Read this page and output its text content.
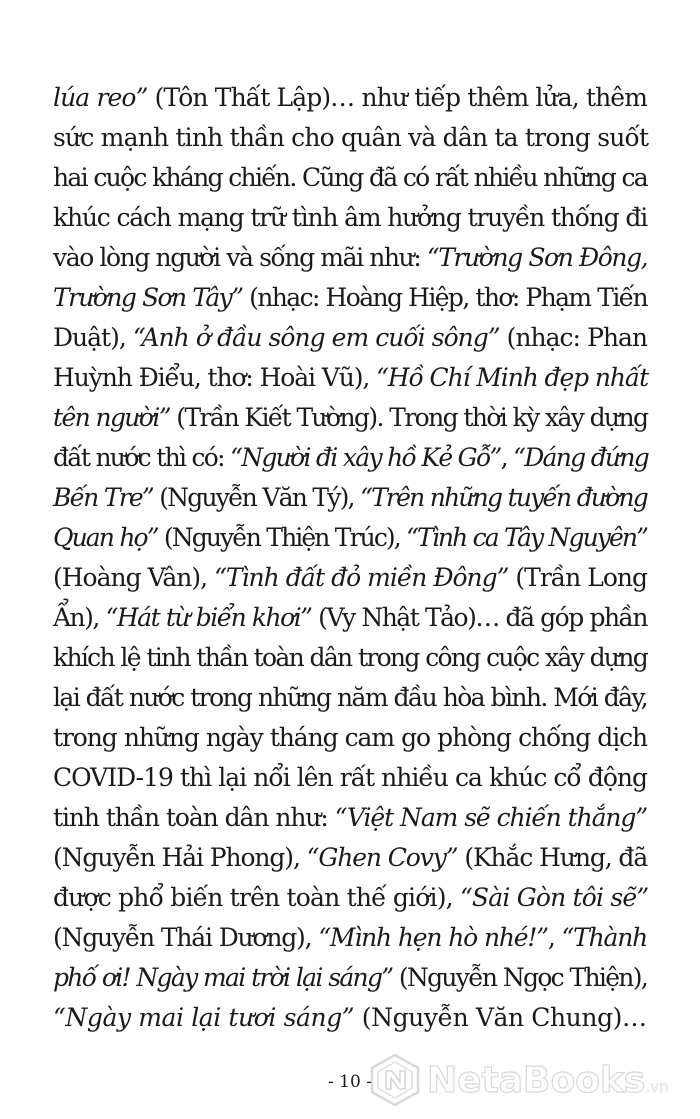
lúa reo” (Tôn Thất Lập)… như tiếp thêm lửa, thêm
sức mạnh tinh thần cho quân và dân ta trong suốt
hai cuộc kháng chiến. Cũng đã có rất nhiều những ca
khúc cách mạng trữ tình âm hưởng truyền thống đi
vào lòng người và sống mãi như: “Trường Sơn Đông,
Trường Sơn Tây” (nhạc: Hoàng Hiệp, thơ: Phạm Tiến
Duật), “Anh ở đầu sông em cuối sông” (nhạc: Phan
Huỳnh Điểu, thơ: Hoài Vũ), “Hồ Chí Minh đẹp nhất
tên người” (Trần Kiết Tường). Trong thời kỳ xây dựng
đất nước thì có: “Người đi xây hồ Kẻ Gỗ”, “Dáng đứng
Bến Tre” (Nguyễn Văn Tý), “Trên những tuyến đường
Quan họ” (Nguyễn Thiện Trúc), “Tình ca Tây Nguyên”
(Hoàng Vân), “Tình đất đỏ miền Đông” (Trần Long
Ẩn), “Hát từ biển khơi” (Vy Nhật Tảo)… đã góp phần
khích lệ tinh thần toàn dân trong công cuộc xây dựng
lại đất nước trong những năm đầu hòa bình. Mới đây,
trong những ngày tháng cam go phòng chống dịch
COVID-19 thì lại nổi lên rất nhiều ca khúc cổ động
tinh thần toàn dân như: “Việt Nam sẽ chiến thắng”
(Nguyễn Hải Phong), “Ghen Covy” (Khắc Hưng, đã
được phổ biến trên toàn thế giới), “Sài Gòn tôi sẽ”
(Nguyễn Thái Dương), “Mình hẹn hò nhé!”, “Thành
phố ơi! Ngày mai trời lại sáng” (Nguyễn Ngọc Thiện),
“Ngày mai lại tươi sáng” (Nguyễn Văn Chung)…
- 10 -	NetaBooks .vn
